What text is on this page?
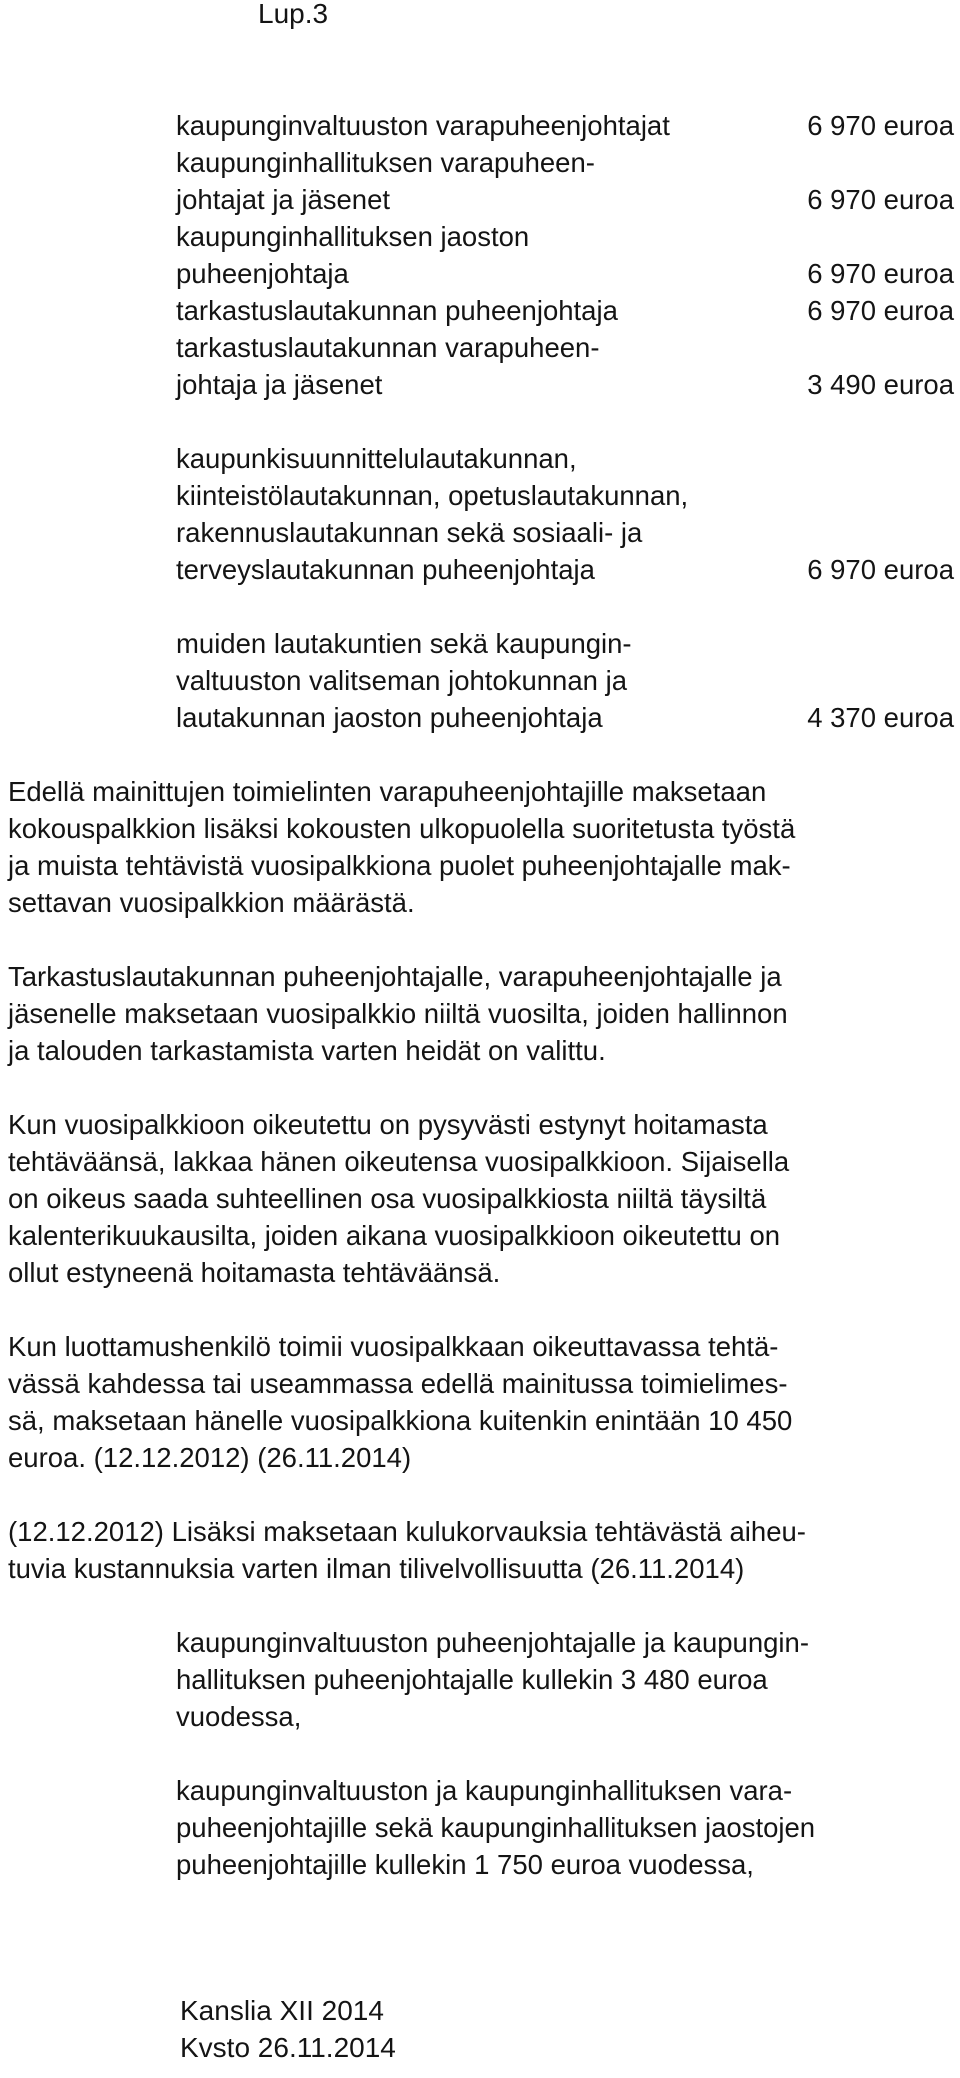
Lup.3
kaupunginvaltuuston varapuheenjohtajat	6 970 euroa
kaupunginhallituksen varapuheen-
johtajat ja jäsenet	6 970 euroa
kaupunginhallituksen jaoston
puheenjohtaja	6 970 euroa
tarkastuslautakunnan puheenjohtaja	6 970 euroa
tarkastuslautakunnan varapuheen-
johtaja ja jäsenet	3 490 euroa
kaupunkisuunnittelulautakunnan,
kiinteistölautakunnan, opetuslautakunnan,
rakennuslautakunnan sekä sosiaali- ja
terveyslautakunnan puheenjohtaja	6 970 euroa
muiden lautakuntien sekä kaupungin-
valtuuston valitseman johtokunnan ja
lautakunnan jaoston puheenjohtaja	4 370 euroa
Edellä mainittujen toimielinten varapuheenjohtajille maksetaan
kokouspalkkion lisäksi kokousten ulkopuolella suoritetusta työstä
ja muista tehtävistä vuosipalkkiona puolet puheenjohtajalle mak-
settavan vuosipalkkion määrästä.
Tarkastuslautakunnan puheenjohtajalle, varapuheenjohtajalle ja
jäsenelle maksetaan vuosipalkkio niiltä vuosilta, joiden hallinnon
ja talouden tarkastamista varten heidät on valittu.
Kun vuosipalkkioon oikeutettu on pysyvästi estynyt hoitamasta
tehtäväänsä, lakkaa hänen oikeutensa vuosipalkkioon. Sijaisella
on oikeus saada suhteellinen osa vuosipalkkiosta niiltä täysiltä
kalenterikuukausilta, joiden aikana vuosipalkkioon oikeutettu on
ollut estyneenä hoitamasta tehtäväänsä.
Kun luottamushenkilö toimii vuosipalkkaan oikeuttavassa tehtä-
vässä kahdessa tai useammassa edellä mainitussa toimielimes-
sä, maksetaan hänelle vuosipalkkiona kuitenkin enintään 10 450
euroa. (12.12.2012) (26.11.2014)
(12.12.2012) Lisäksi maksetaan kulukorvauksia tehtävästä aiheu-
tuvia kustannuksia varten ilman tilivelvollisuutta (26.11.2014)
kaupunginvaltuuston puheenjohtajalle ja kaupungin-
hallituksen puheenjohtajalle kullekin 3 480 euroa
vuodessa,
kaupunginvaltuuston ja kaupunginhallituksen vara-
puheenjohtajille sekä kaupunginhallituksen jaostojen
puheenjohtajille kullekin 1 750 euroa vuodessa,
Kanslia XII 2014
Kvsto 26.11.2014
